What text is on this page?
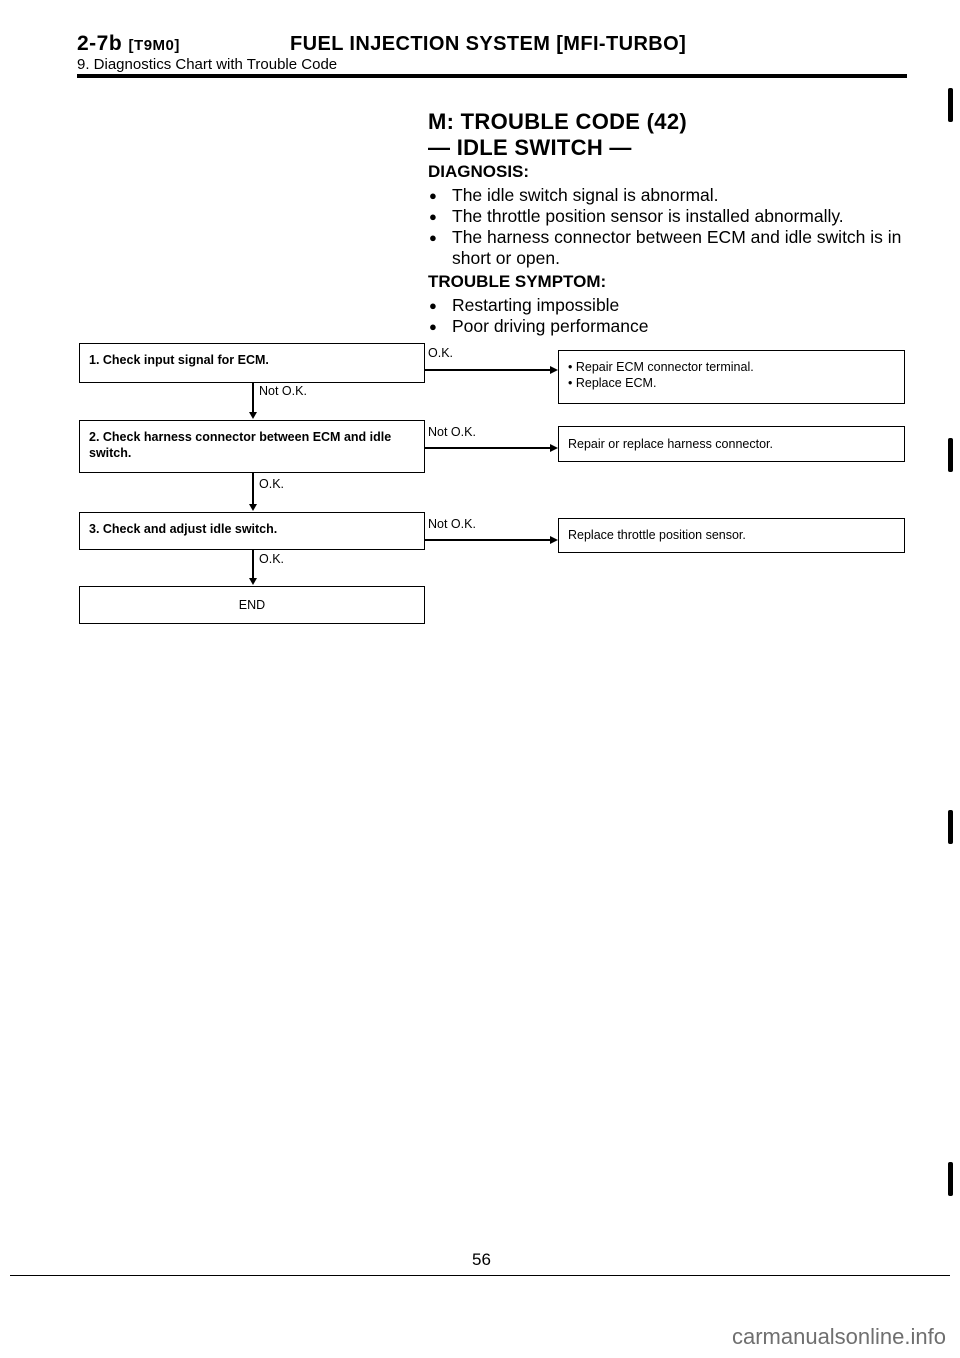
2-7b [T9M0]	FUEL INJECTION SYSTEM [MFI-TURBO]
9. Diagnostics Chart with Trouble Code
M: TROUBLE CODE (42)
— IDLE SWITCH —
DIAGNOSIS:
● The idle switch signal is abnormal.
● The throttle position sensor is installed abnormally.
● The harness connector between ECM and idle switch is in short or open.
TROUBLE SYMPTOM:
● Restarting impossible
● Poor driving performance
1. Check input signal for ECM.
2. Check harness connector between ECM and idle switch.
3. Check and adjust idle switch.
END
Not O.K.
O.K.
O.K.
O.K.
Not O.K.
Not O.K.
• Repair ECM connector terminal.
• Replace ECM.
Repair or replace harness connector.
Replace throttle position sensor.
56
carmanualsonline.info
